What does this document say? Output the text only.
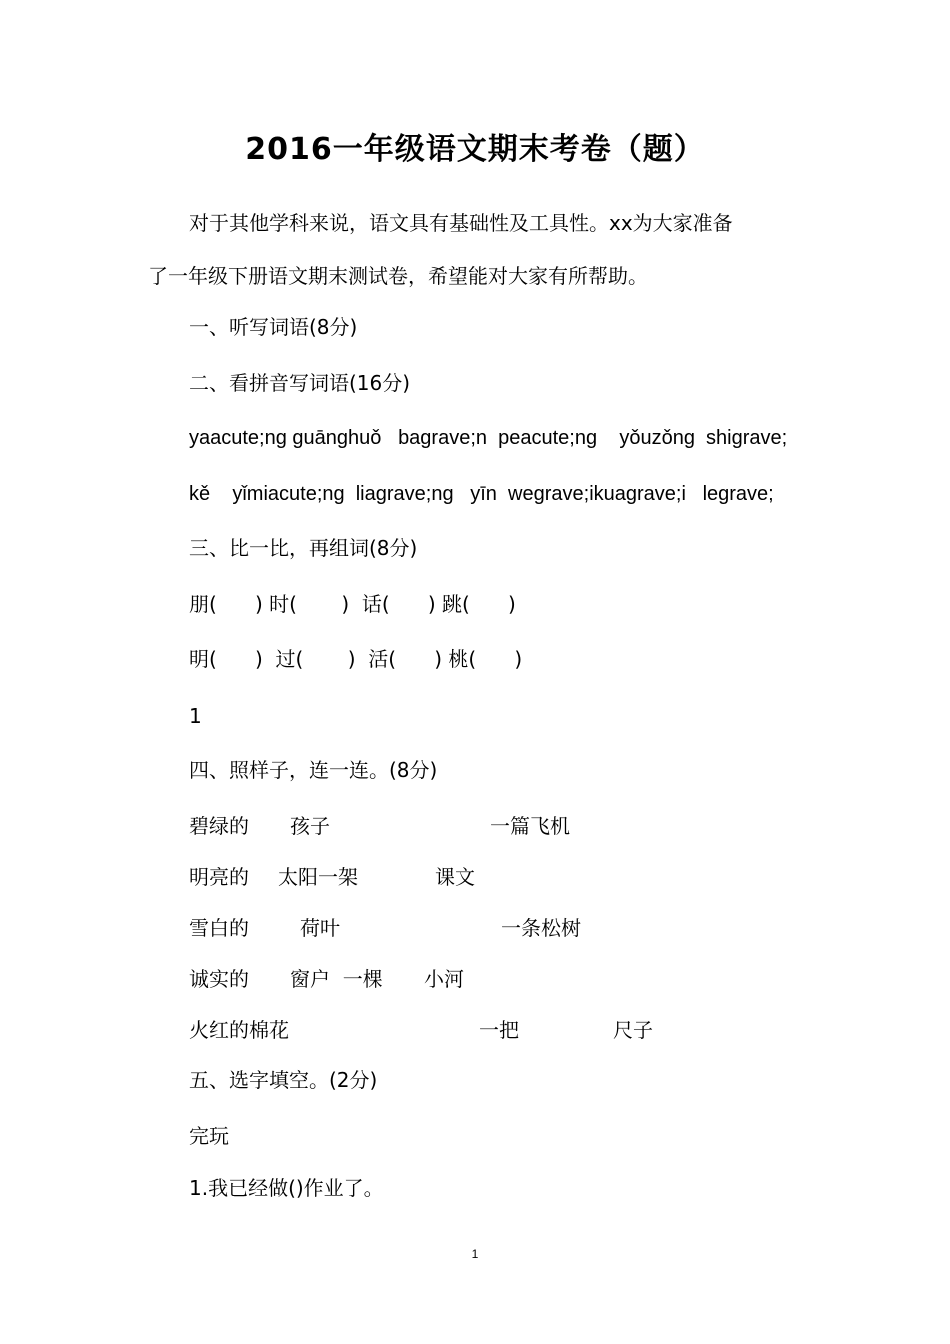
2016一年级语文期末考卷（题）
对于其他学科来说，语文具有基础性及工具性。xx为大家准备
了一年级下册语文期末测试卷，希望能对大家有所帮助。
一、听写词语(8分)
二、看拼音写词语(16分)
yaacute;ng guānghuǒ   bagrave;n  peacute;ng    yǒuzǒng  shigrave;
kě    yǐmiacute;ng  liagrave;ng   yīn  wegrave;ikuagrave;i   legrave;
三、比一比，再组词(8分)
朋(      ) 时(       )  话(      ) 跳(      )
明(      )  过(       )  活(      ) 桃(      )
1
四、照样子，连一连。(8分)
碧绿的 孩子	一篇飞机
明亮的 太阳一架	课文
雪白的	荷叶	一条松树
诚实的 窗户  一棵 小河
火红的棉花	一把	尺子
五、选字填空。(2分)
完玩
1.我已经做()作业了。
1
